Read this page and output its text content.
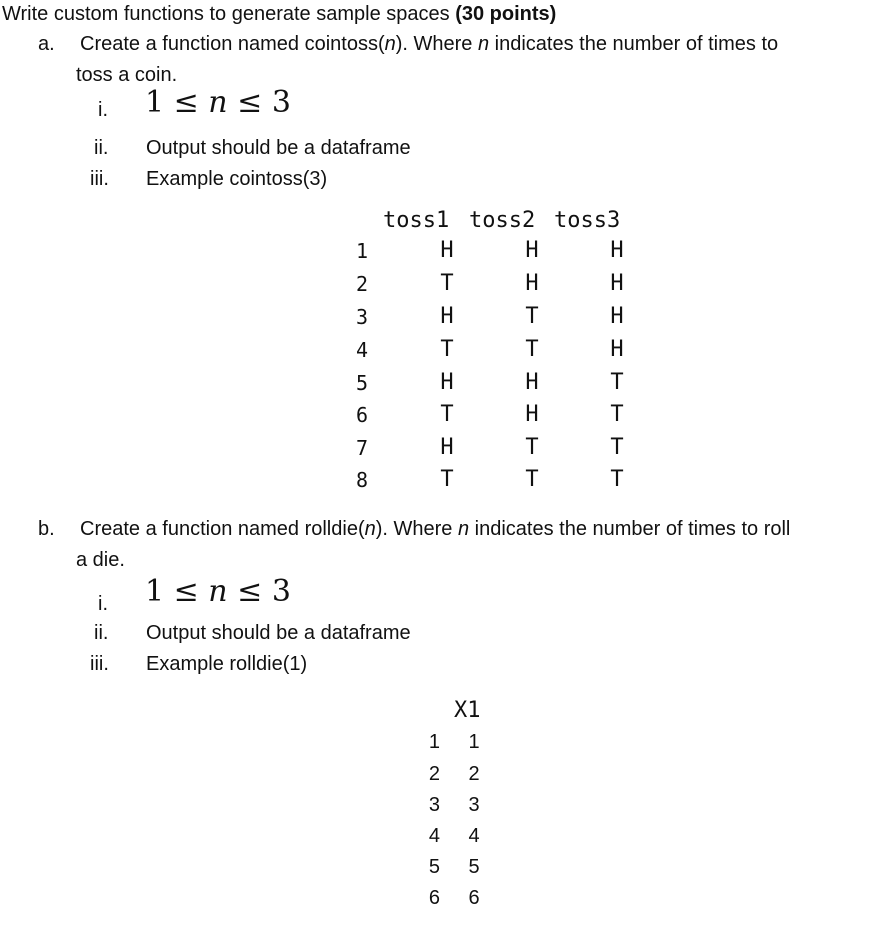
Write custom functions to generate sample spaces (30 points)
a. Create a function named cointoss(n). Where n indicates the number of times to
toss a coin.
i. 1 ≤ n ≤ 3
ii. Output should be a dataframe
iii. Example cointoss(3)
toss1 toss2 toss3
1	H	H	H
2	T	H	H
3	H	T	H
4	T	T	H
5	H	H	T
6	T	H	T
7	H	T	T
8	T	T	T
b. Create a function named rolldie(n). Where n indicates the number of times to roll
a die.
i. 1 ≤ n ≤ 3
ii. Output should be a dataframe
iii. Example rolldie(1)
X1
1	1
2	2
3	3
4	4
5	5
6	6
